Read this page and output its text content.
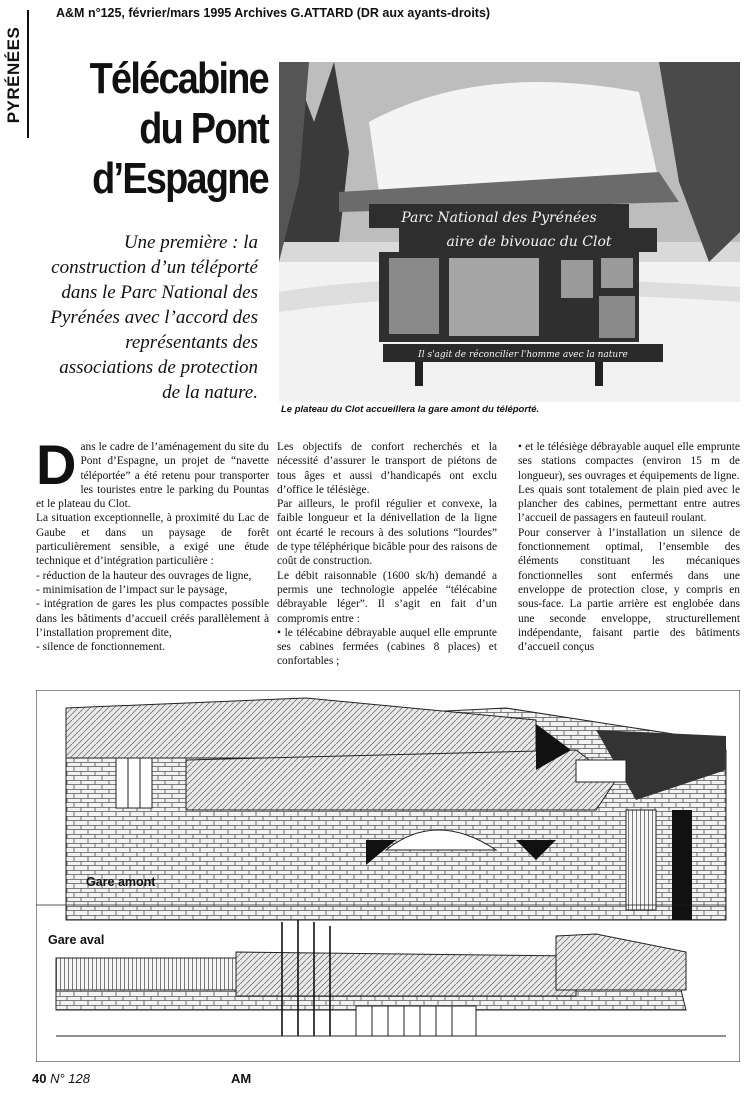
A&M n°125, février/mars 1995 Archives G.ATTARD (DR aux ayants-droits)
PYRÉNÉES	Télécabine
du Pont
d’Espagne
Une première : la construction d’un téléporté dans le Parc National des Pyrénées avec l’accord des représentants des associations de protection de la nature.
Parc National des Pyrénées
aire de bivouac du Clot
Il s'agit de réconcilier l'homme avec la nature
Le plateau du Clot accueillera la gare amont du téléporté.

Dans le cadre de l’aménagement du site du Pont d’Espagne, un projet de “navette téléportée” a été retenu pour transporter les touristes entre le parking du Pountas et le plateau du Clot.

La situation exceptionnelle, à proximité du Lac de Gaube et dans un paysage de forêt particulièrement sensible, a exigé une étude technique et d’intégration particulière :

- réduction de la hauteur des ouvrages de ligne,

- minimisation de l’impact sur le paysage,

- intégration de gares les plus compactes possible dans les bâtiments d’accueil créés parallèlement à l’installation proprement dite,

- silence de fonctionnement.

Les objectifs de confort recherchés et la nécessité d’assurer le transport de piétons de tous âges et aussi d’handicapés ont exclu d’office le télésiège.

Par ailleurs, le profil régulier et convexe, la faible longueur et la dénivellation de la ligne ont écarté le recours à des solutions “lourdes” de type téléphérique bicâble pour des raisons de coût de construction.

Le débit raisonnable (1600 sk/h) demandé a permis une technologie appelée “télécabine débrayable léger”. Il s’agit en fait d’un compromis entre :

• le télécabine débrayable auquel elle emprunte ses cabines fermées (cabines 8 places) et confortables ;

• et le télésiège débrayable auquel elle emprunte ses stations compactes (environ 15 m de longueur), ses ouvrages et équipements de ligne.

Les quais sont totalement de plain pied avec le plancher des cabines, permettant entre autres l’accueil de passagers en fauteuil roulant.

Pour conserver à l’installation un silence de fonctionnement optimal, l’ensemble des éléments constituant les mécaniques fonctionnelles sont enfermés dans une enveloppe de protection close, y compris en sous-face. La partie arrière est englobée dans une seconde enveloppe, structurellement indépendante, faisant partie des bâtiments d’accueil conçus

Gare amont
Gare aval
40 N° 128	AM
